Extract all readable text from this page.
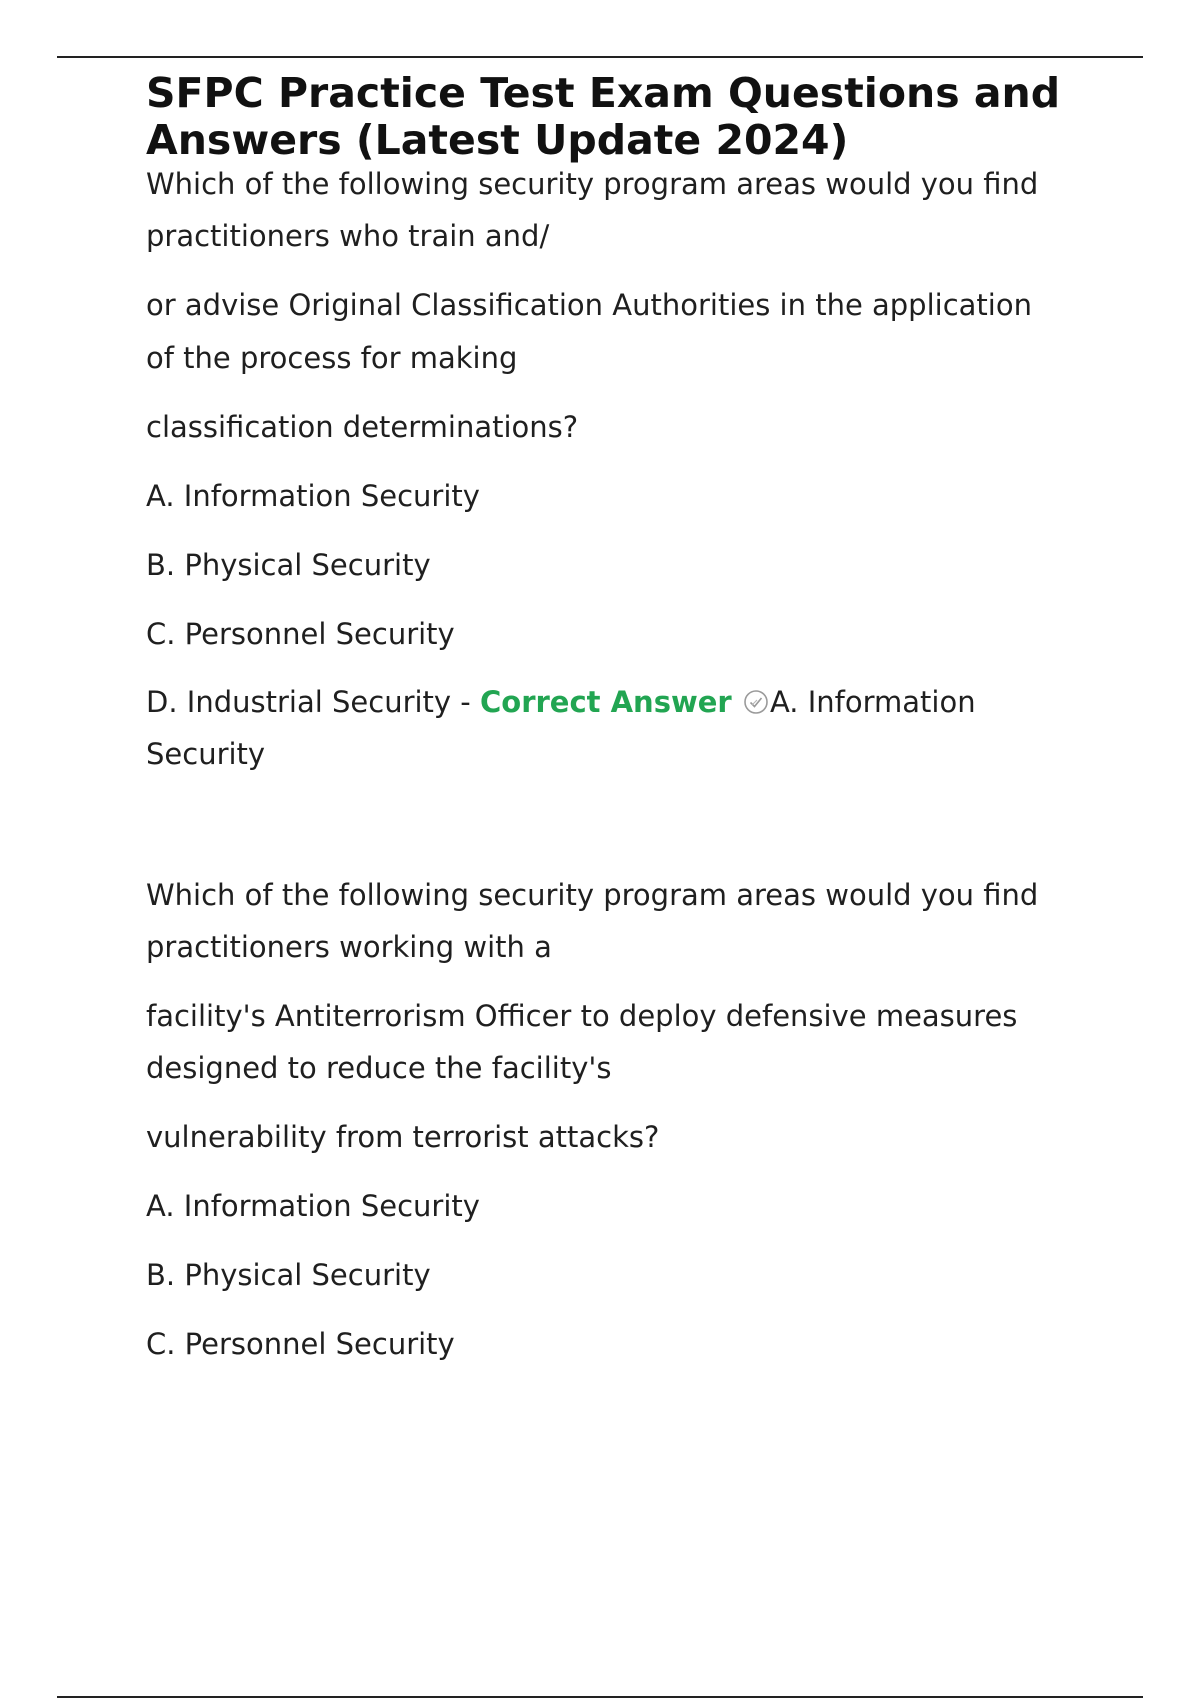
SFPC Practice Test Exam Questions and Answers (Latest Update 2024)

Which of the following security program areas would you find

practitioners who train and/

or advise Original Classification Authorities in the application

of the process for making

classification determinations?

A. Information Security

B. Physical Security

C. Personnel Security

D. Industrial Security - Correct Answer A. Information

Security

Which of the following security program areas would you find

practitioners working with a

facility's Antiterrorism Officer to deploy defensive measures

designed to reduce the facility's

vulnerability from terrorist attacks?

A. Information Security

B. Physical Security

C. Personnel Security
